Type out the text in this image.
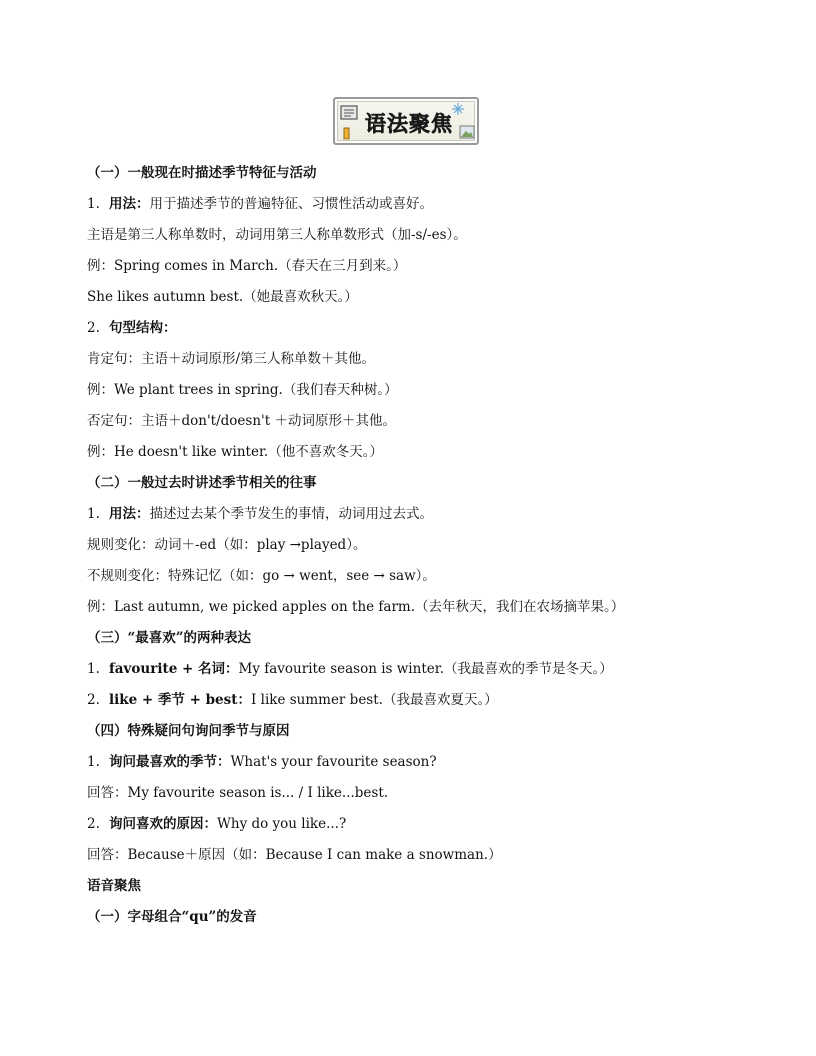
语法聚焦
（一）一般现在时描述季节特征与活动
1. 用法：用于描述季节的普遍特征、习惯性活动或喜好。
主语是第三人称单数时，动词用第三人称单数形式（加-s/-es）。
例：Spring comes in March.（春天在三月到来。）
She likes autumn best.（她最喜欢秋天。）
2. 句型结构：
肯定句：主语＋动词原形/第三人称单数＋其他。
例：We plant trees in spring.（我们春天种树。）
否定句：主语＋don't/doesn't ＋动词原形＋其他。
例：He doesn't like winter.（他不喜欢冬天。）
（二）一般过去时讲述季节相关的往事
1. 用法：描述过去某个季节发生的事情，动词用过去式。
规则变化：动词＋-ed（如：play →played）。
不规则变化：特殊记忆（如：go → went，see → saw）。
例：Last autumn, we picked apples on the farm.（去年秋天，我们在农场摘苹果。）
（三）“最喜欢”的两种表达
1. favourite + 名词：My favourite season is winter.（我最喜欢的季节是冬天。）
2. like + 季节 + best：I like summer best.（我最喜欢夏天。）
（四）特殊疑问句询问季节与原因
1. 询问最喜欢的季节：What's your favourite season?
回答：My favourite season is... / I like...best.
2. 询问喜欢的原因：Why do you like...?
回答：Because＋原因（如：Because I can make a snowman.）
语音聚焦
（一）字母组合“qu”的发音
